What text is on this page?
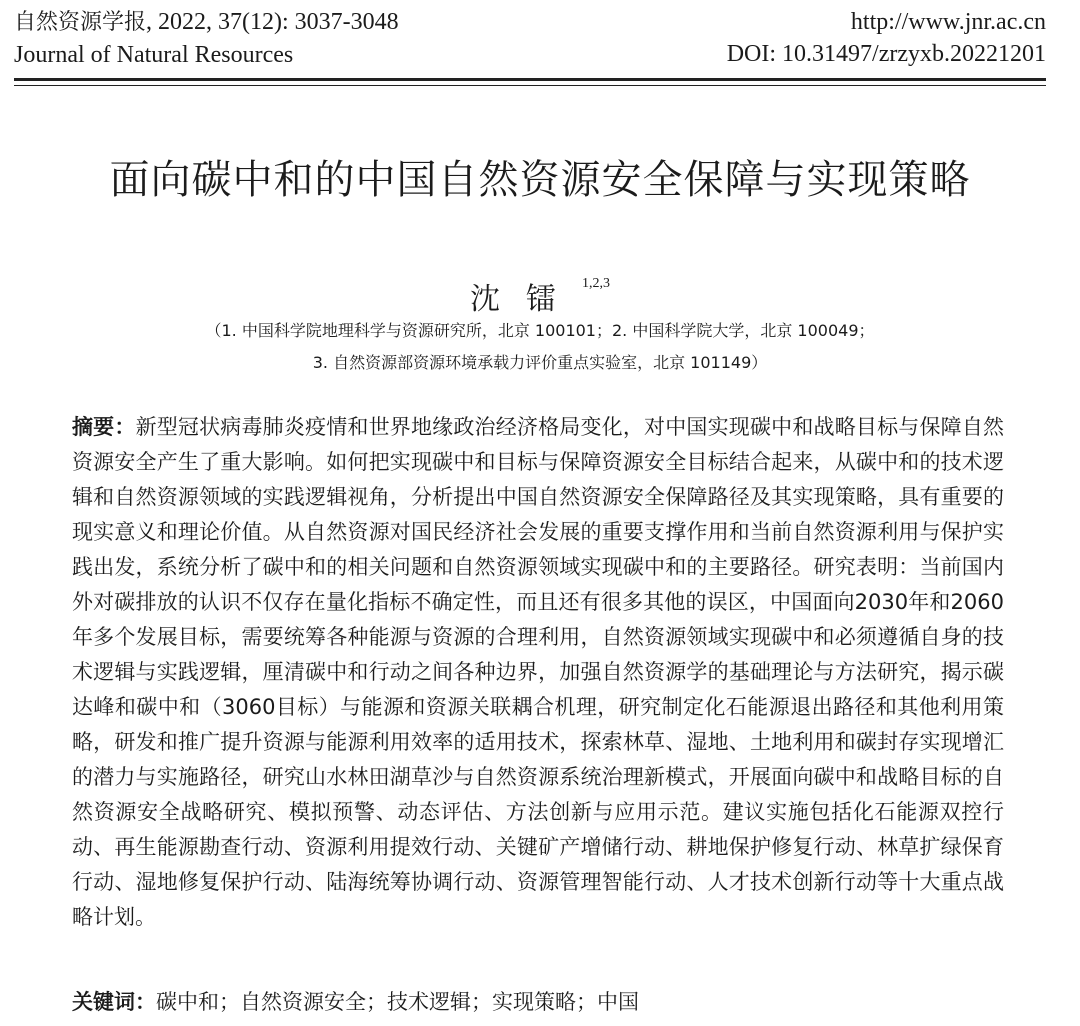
自然资源学报, 2022, 37(12): 3037-3048
Journal of Natural Resources
http://www.jnr.ac.cn
DOI: 10.31497/zrzyxb.20221201
面向碳中和的中国自然资源安全保障与实现策略
沈镭$^{1,2,3}$
（1. 中国科学院地理科学与资源研究所，北京 100101；2. 中国科学院大学，北京 100049；
3. 自然资源部资源环境承载力评价重点实验室，北京 101149）
摘要：新型冠状病毒肺炎疫情和世界地缘政治经济格局变化，对中国实现碳中和战略目标与保障自然资源安全产生了重大影响。如何把实现碳中和目标与保障资源安全目标结合起来，从碳中和的技术逻辑和自然资源领域的实践逻辑视角，分析提出中国自然资源安全保障路径及其实现策略，具有重要的现实意义和理论价值。从自然资源对国民经济社会发展的重要支撑作用和当前自然资源利用与保护实践出发，系统分析了碳中和的相关问题和自然资源领域实现碳中和的主要路径。研究表明：当前国内外对碳排放的认识不仅存在量化指标不确定性，而且还有很多其他的误区，中国面向2030年和2060年多个发展目标，需要统筹各种能源与资源的合理利用，自然资源领域实现碳中和必须遵循自身的技术逻辑与实践逻辑，厘清碳中和行动之间各种边界，加强自然资源学的基础理论与方法研究，揭示碳达峰和碳中和（3060目标）与能源和资源关联耦合机理，研究制定化石能源退出路径和其他利用策略，研发和推广提升资源与能源利用效率的适用技术，探索林草、湿地、土地利用和碳封存实现增汇的潜力与实施路径，研究山水林田湖草沙与自然资源系统治理新模式，开展面向碳中和战略目标的自然资源安全战略研究、模拟预警、动态评估、方法创新与应用示范。建议实施包括化石能源双控行动、再生能源勘查行动、资源利用提效行动、关键矿产增储行动、耕地保护修复行动、林草扩绿保育行动、湿地修复保护行动、陆海统筹协调行动、资源管理智能行动、人才技术创新行动等十大重点战略计划。
关键词：碳中和；自然资源安全；技术逻辑；实现策略；中国
